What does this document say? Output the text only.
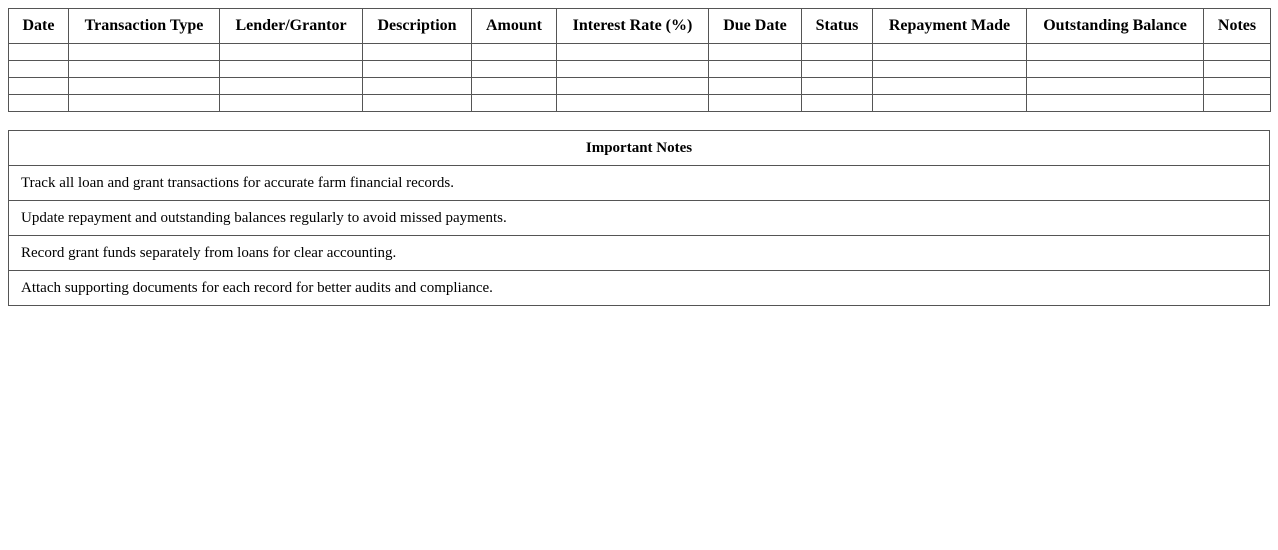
Date	Transaction Type	Lender/Grantor	Description	Amount	Interest Rate (%)	Due Date	Status	Repayment Made	Outstanding Balance	Notes

Important Notes
Track all loan and grant transactions for accurate farm financial records.
Update repayment and outstanding balances regularly to avoid missed payments.
Record grant funds separately from loans for clear accounting.
Attach supporting documents for each record for better audits and compliance.
